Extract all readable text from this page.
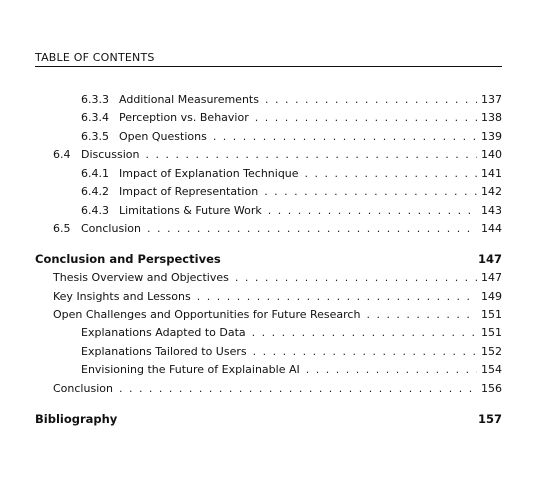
TABLE OF CONTENTS
6.3.3 Additional Measurements . . .	137
6.3.4 Perception vs. Behavior . . .	138
6.3.5 Open Questions . . .	139
6.4 Discussion . . .	140
6.4.1 Impact of Explanation Technique . . .	141
6.4.2 Impact of Representation . . .	142
6.4.3 Limitations & Future Work . . .	143
6.5 Conclusion . . .	144
Conclusion and Perspectives	147
Thesis Overview and Objectives . . .	147
Key Insights and Lessons . . .	149
Open Challenges and Opportunities for Future Research . . .	151
Explanations Adapted to Data . . .	151
Explanations Tailored to Users . . .	152
Envisioning the Future of Explainable AI . . .	154
Conclusion . . .	156
Bibliography	157
